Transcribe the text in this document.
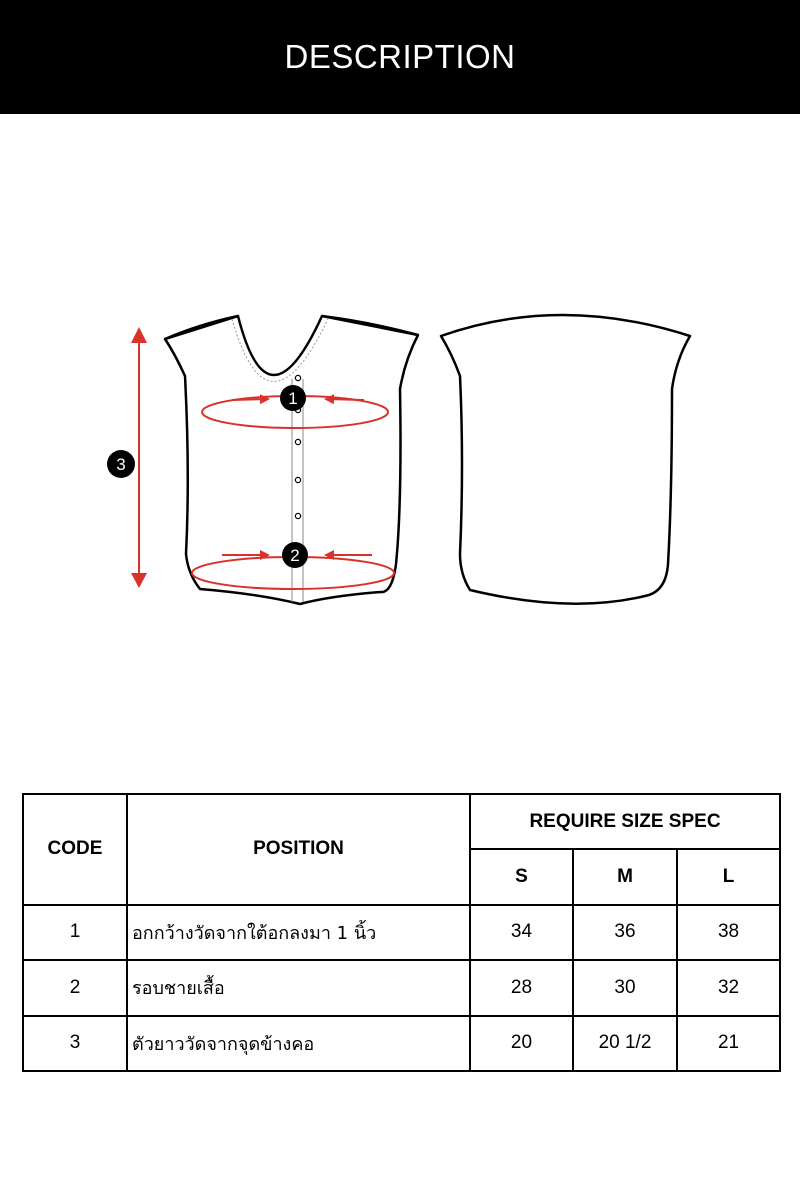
DESCRIPTION
1
2
3
CODE	POSITION	REQUIRE SIZE SPEC		
		S	M	L
1	อกกว้างวัดจากใต้อกลงมา 1 นิ้ว	34	36	38
2	รอบชายเสื้อ	28	30	32
3	ตัวยาววัดจากจุดข้างคอ	20	20 1/2	21
